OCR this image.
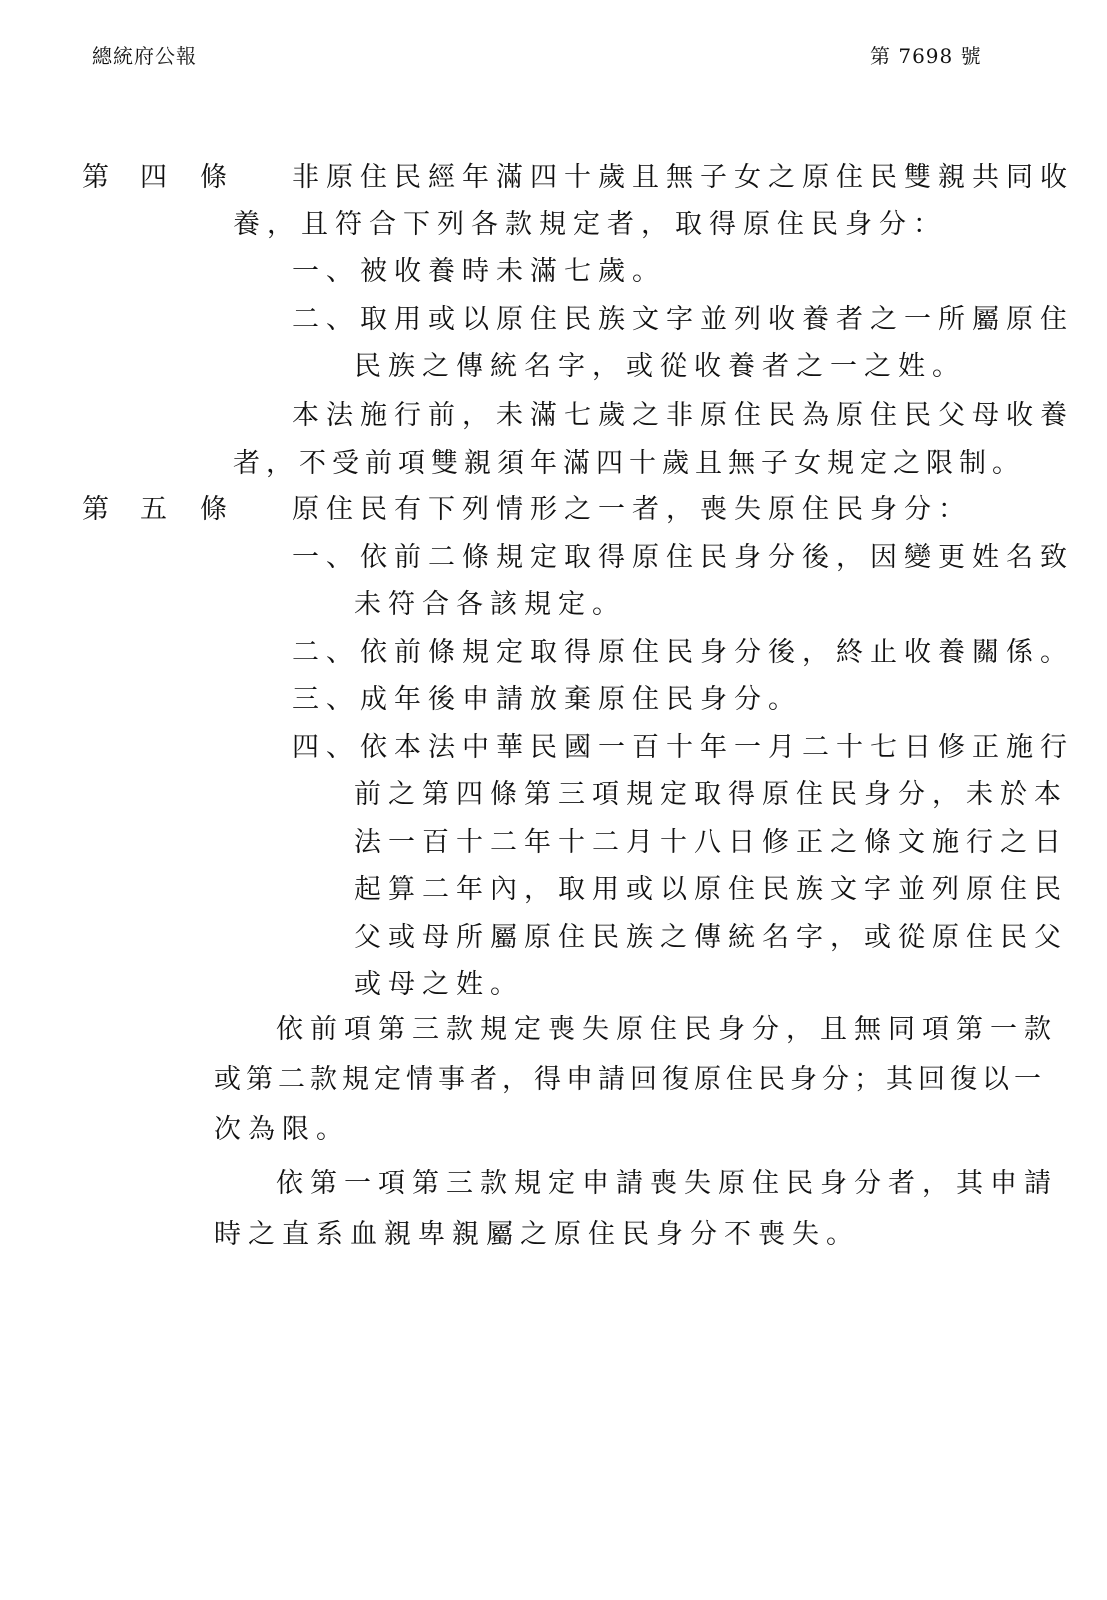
總統府公報	第 7698 號
第 四 條 非原住民經年滿四十歲且無子女之原住民雙親共同收
養，且符合下列各款規定者，取得原住民身分：
一、被收養時未滿七歲。
二、取用或以原住民族文字並列收養者之一所屬原住
民族之傳統名字，或從收養者之一之姓。
本法施行前，未滿七歲之非原住民為原住民父母收養
者，不受前項雙親須年滿四十歲且無子女規定之限制。
第 五 條 原住民有下列情形之一者，喪失原住民身分：
一、依前二條規定取得原住民身分後，因變更姓名致
未符合各該規定。
二、依前條規定取得原住民身分後，終止收養關係。
三、成年後申請放棄原住民身分。
四、依本法中華民國一百十年一月二十七日修正施行
前之第四條第三項規定取得原住民身分，未於本
法一百十二年十二月十八日修正之條文施行之日
起算二年內，取用或以原住民族文字並列原住民
父或母所屬原住民族之傳統名字，或從原住民父
或母之姓。
依前項第三款規定喪失原住民身分，且無同項第一款
或第二款規定情事者，得申請回復原住民身分；其回復以一
次為限。
依第一項第三款規定申請喪失原住民身分者，其申請
時之直系血親卑親屬之原住民身分不喪失。
